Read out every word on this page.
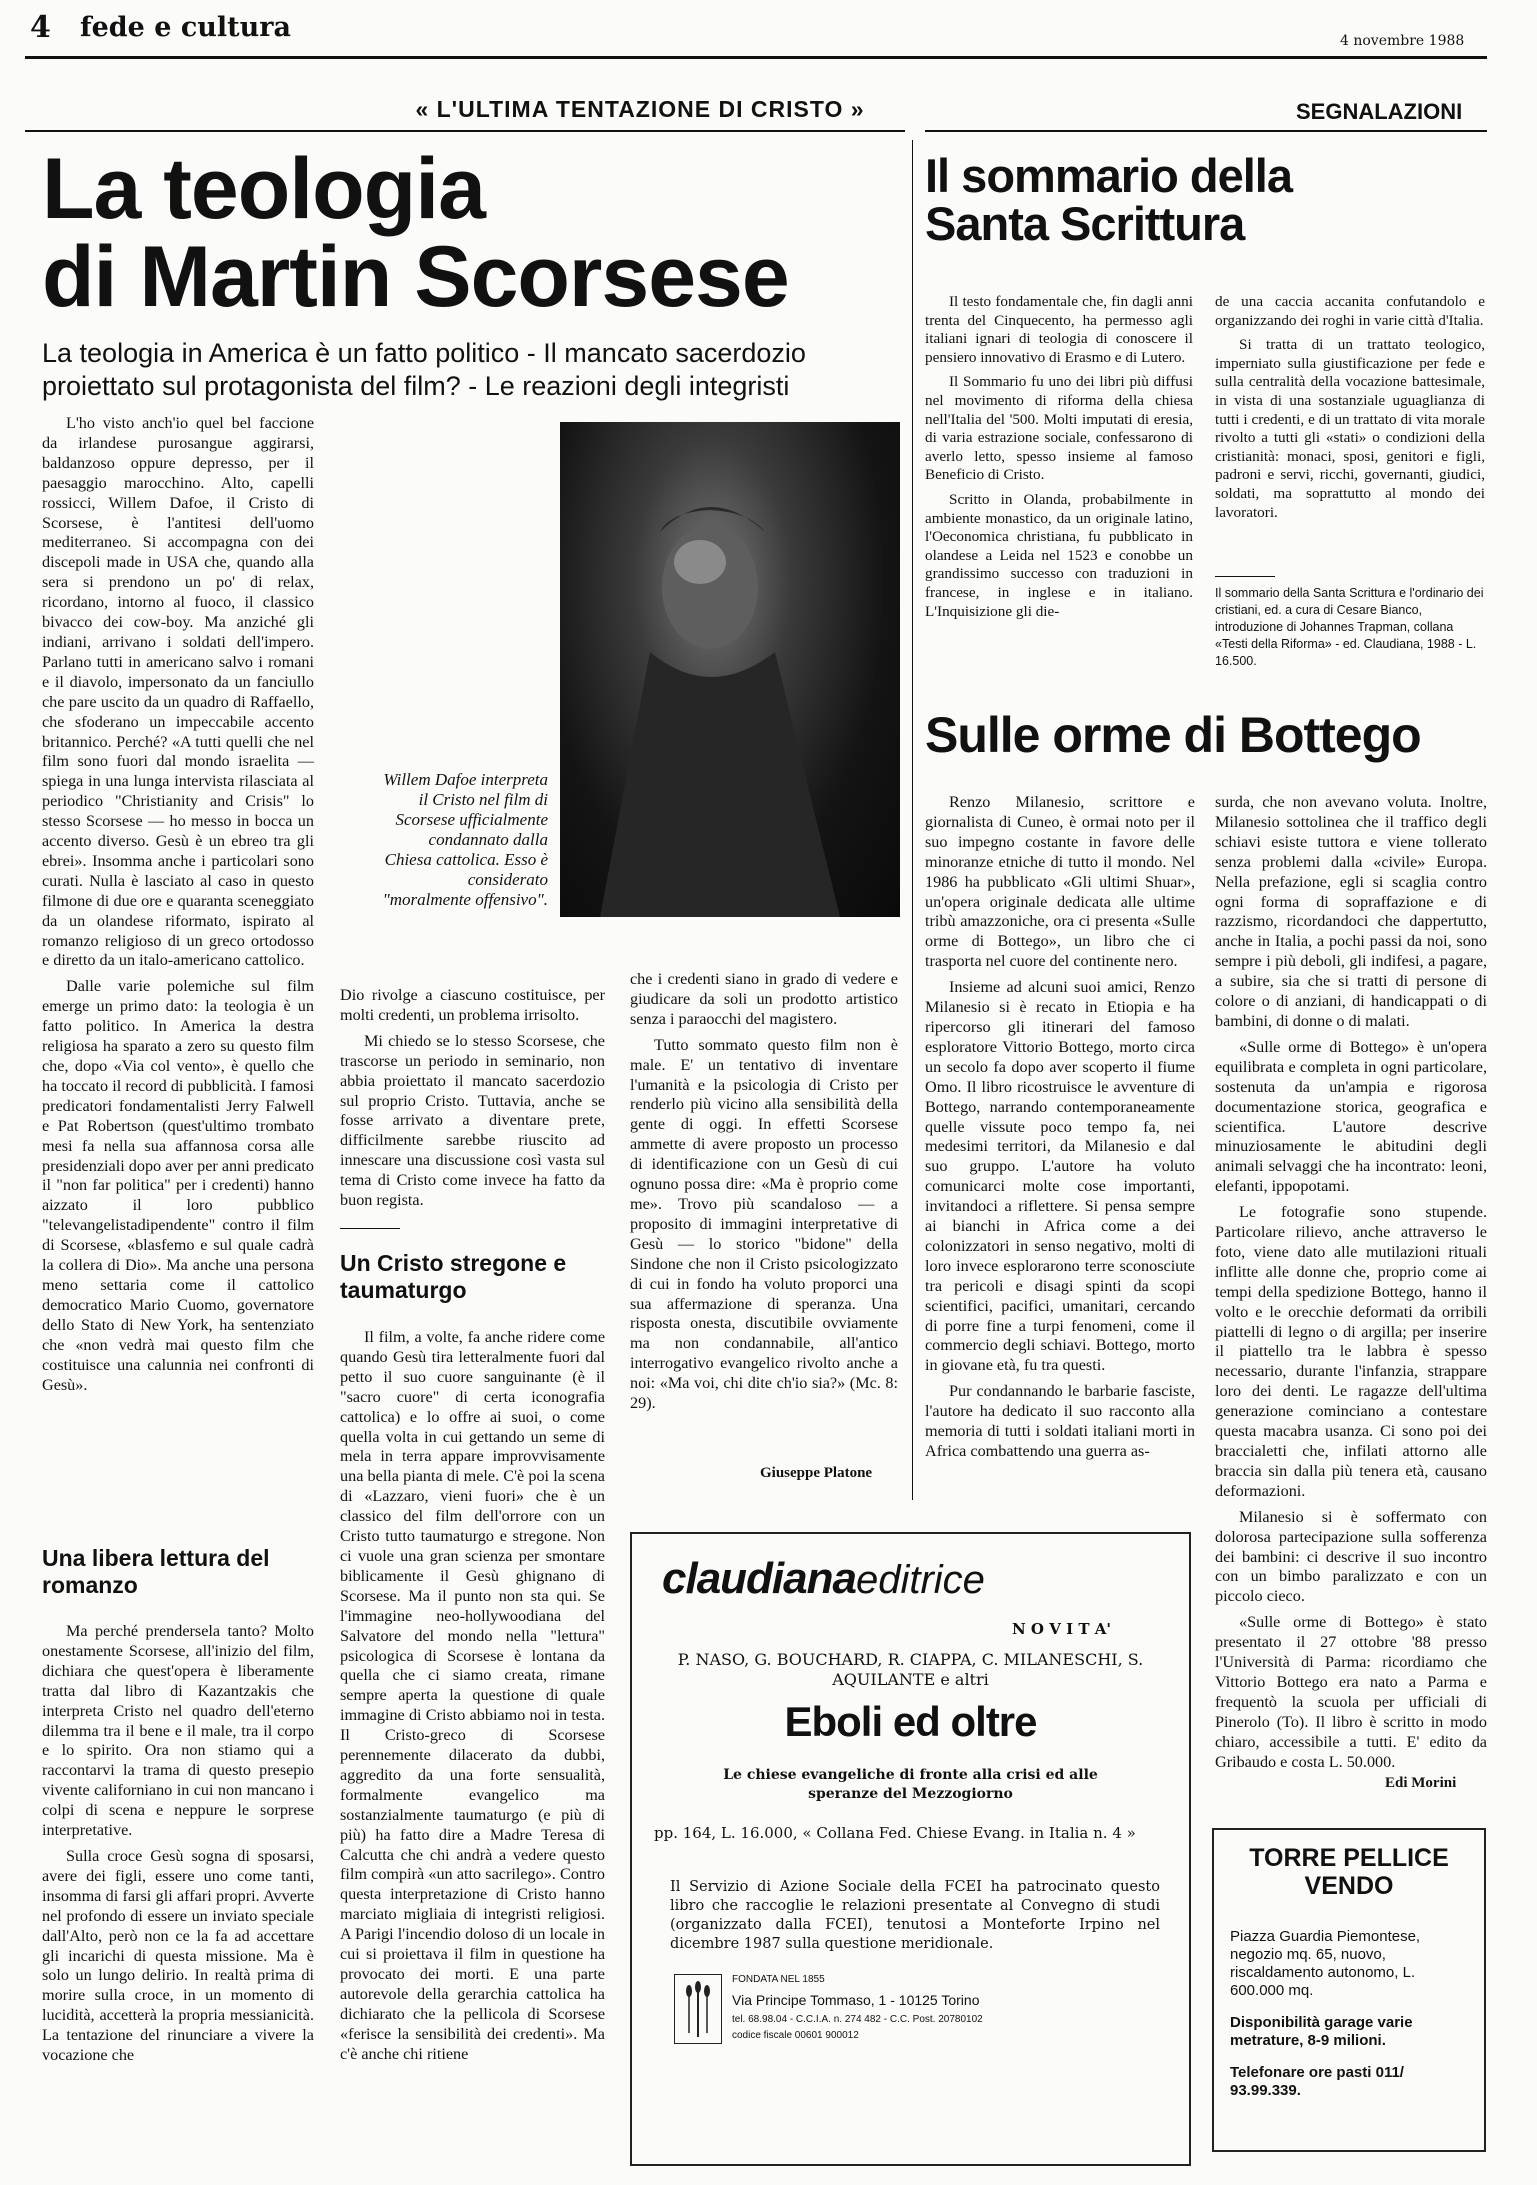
4 fede e cultura	4 novembre 1988
« L'ULTIMA TENTAZIONE DI CRISTO »	SEGNALAZIONI
La teologia
di Martin Scorsese
La teologia in America è un fatto politico - Il mancato sacerdozio proiettato sul protagonista del film? - Le reazioni degli integristi

L'ho visto anch'io quel bel faccione da irlandese purosangue aggirarsi, baldanzoso oppure depresso, per il paesaggio marocchino. Alto, capelli rossicci, Willem Dafoe, il Cristo di Scorsese, è l'antitesi dell'uomo mediterraneo. Si accompagna con dei discepoli made in USA che, quando alla sera si prendono un po' di relax, ricordano, intorno al fuoco, il classico bivacco dei cow-boy. Ma anziché gli indiani, arrivano i soldati dell'impero. Parlano tutti in americano salvo i romani e il diavolo, impersonato da un fanciullo che pare uscito da un quadro di Raffaello, che sfoderano un impeccabile accento britannico. Perché? «A tutti quelli che nel film sono fuori dal mondo israelita — spiega in una lunga intervista rilasciata al periodico "Christianity and Crisis" lo stesso Scorsese — ho messo in bocca un accento diverso. Gesù è un ebreo tra gli ebrei». Insomma anche i particolari sono curati. Nulla è lasciato al caso in questo filmone di due ore e quaranta sceneggiato da un olandese riformato, ispirato al romanzo religioso di un greco ortodosso e diretto da un italo-americano cattolico.

Dalle varie polemiche sul film emerge un primo dato: la teologia è un fatto politico. In America la destra religiosa ha sparato a zero su questo film che, dopo «Via col vento», è quello che ha toccato il record di pubblicità. I famosi predicatori fondamentalisti Jerry Falwell e Pat Robertson (quest'ultimo trombato mesi fa nella sua affannosa corsa alle presidenziali dopo aver per anni predicato il "non far politica" per i credenti) hanno aizzato il loro pubblico "televangelistadipendente" contro il film di Scorsese, «blasfemo e sul quale cadrà la collera di Dio». Ma anche una persona meno settaria come il cattolico democratico Mario Cuomo, governatore dello Stato di New York, ha sentenziato che «non vedrà mai questo film che costituisce una calunnia nei confronti di Gesù».

Una libera lettura del romanzo

Ma perché prendersela tanto? Molto onestamente Scorsese, all'inizio del film, dichiara che quest'opera è liberamente tratta dal libro di Kazantzakis che interpreta Cristo nel quadro dell'eterno dilemma tra il bene e il male, tra il corpo e lo spirito. Ora non stiamo qui a raccontarvi la trama di questo presepio vivente californiano in cui non mancano i colpi di scena e neppure le sorprese interpretative.

Sulla croce Gesù sogna di sposarsi, avere dei figli, essere uno come tanti, insomma di farsi gli affari propri. Avverte nel profondo di essere un inviato speciale dall'Alto, però non ce la fa ad accettare gli incarichi di questa missione. Ma è solo un lungo delirio. In realtà prima di morire sulla croce, in un momento di lucidità, accetterà la propria messianicità. La tentazione del rinunciare a vivere la vocazione che

Willem Dafoe interpreta il Cristo nel film di Scorsese ufficialmente condannato dalla Chiesa cattolica. Esso è considerato "moralmente offensivo".

Dio rivolge a ciascuno costituisce, per molti credenti, un problema irrisolto.

Mi chiedo se lo stesso Scorsese, che trascorse un periodo in seminario, non abbia proiettato il mancato sacerdozio sul proprio Cristo. Tuttavia, anche se fosse arrivato a diventare prete, difficilmente sarebbe riuscito ad innescare una discussione così vasta sul tema di Cristo come invece ha fatto da buon regista.

Un Cristo stregone e taumaturgo

Il film, a volte, fa anche ridere come quando Gesù tira letteralmente fuori dal petto il suo cuore sanguinante (è il "sacro cuore" di certa iconografia cattolica) e lo offre ai suoi, o come quella volta in cui gettando un seme di mela in terra appare improvvisamente una bella pianta di mele. C'è poi la scena di «Lazzaro, vieni fuori» che è un classico del film dell'orrore con un Cristo tutto taumaturgo e stregone. Non ci vuole una gran scienza per smontare biblicamente il Gesù ghignano di Scorsese. Ma il punto non sta qui. Se l'immagine neo-hollywoodiana del Salvatore del mondo nella "lettura" psicologica di Scorsese è lontana da quella che ci siamo creata, rimane sempre aperta la questione di quale immagine di Cristo abbiamo noi in testa. Il Cristo-greco di Scorsese perennemente dilacerato da dubbi, aggredito da una forte sensualità, formalmente evangelico ma sostanzialmente taumaturgo (e più di più) ha fatto dire a Madre Teresa di Calcutta che chi andrà a vedere questo film compirà «un atto sacrilego». Contro questa interpretazione di Cristo hanno marciato migliaia di integristi religiosi. A Parigi l'incendio doloso di un locale in cui si proiettava il film in questione ha provocato dei morti. E una parte autorevole della gerarchia cattolica ha dichiarato che la pellicola di Scorsese «ferisce la sensibilità dei credenti». Ma c'è anche chi ritiene

che i credenti siano in grado di vedere e giudicare da soli un prodotto artistico senza i paraocchi del magistero.

Tutto sommato questo film non è male. E' un tentativo di inventare l'umanità e la psicologia di Cristo per renderlo più vicino alla sensibilità della gente di oggi. In effetti Scorsese ammette di avere proposto un processo di identificazione con un Gesù di cui ognuno possa dire: «Ma è proprio come me». Trovo più scandaloso — a proposito di immagini interpretative di Gesù — lo storico "bidone" della Sindone che non il Cristo psicologizzato di cui in fondo ha voluto proporci una sua affermazione di speranza. Una risposta onesta, discutibile ovviamente ma non condannabile, all'antico interrogativo evangelico rivolto anche a noi: «Ma voi, chi dite ch'io sia?» (Mc. 8: 29).

Giuseppe Platone
Il sommario della
Santa Scrittura

Il testo fondamentale che, fin dagli anni trenta del Cinquecento, ha permesso agli italiani ignari di teologia di conoscere il pensiero innovativo di Erasmo e di Lutero.

Il Sommario fu uno dei libri più diffusi nel movimento di riforma della chiesa nell'Italia del '500. Molti imputati di eresia, di varia estrazione sociale, confessarono di averlo letto, spesso insieme al famoso Beneficio di Cristo.

Scritto in Olanda, probabilmente in ambiente monastico, da un originale latino, l'Oeconomica christiana, fu pubblicato in olandese a Leida nel 1523 e conobbe un grandissimo successo con traduzioni in francese, in inglese e in italiano. L'Inquisizione gli die-

de una caccia accanita confutandolo e organizzando dei roghi in varie città d'Italia.

Si tratta di un trattato teologico, imperniato sulla giustificazione per fede e sulla centralità della vocazione battesimale, in vista di una sostanziale uguaglianza di tutti i credenti, e di un trattato di vita morale rivolto a tutti gli «stati» o condizioni della cristianità: monaci, sposi, genitori e figli, padroni e servi, ricchi, governanti, giudici, soldati, ma soprattutto al mondo dei lavoratori.

Il sommario della Santa Scrittura e l'ordinario dei cristiani, ed. a cura di Cesare Bianco, introduzione di Johannes Trapman, collana «Testi della Riforma» - ed. Claudiana, 1988 - L. 16.500.
Sulle orme di Bottego

Renzo Milanesio, scrittore e giornalista di Cuneo, è ormai noto per il suo impegno costante in favore delle minoranze etniche di tutto il mondo. Nel 1986 ha pubblicato «Gli ultimi Shuar», un'opera originale dedicata alle ultime tribù amazzoniche, ora ci presenta «Sulle orme di Bottego», un libro che ci trasporta nel cuore del continente nero.

Insieme ad alcuni suoi amici, Renzo Milanesio si è recato in Etiopia e ha ripercorso gli itinerari del famoso esploratore Vittorio Bottego, morto circa un secolo fa dopo aver scoperto il fiume Omo. Il libro ricostruisce le avventure di Bottego, narrando contemporaneamente quelle vissute poco tempo fa, nei medesimi territori, da Milanesio e dal suo gruppo. L'autore ha voluto comunicarci molte cose importanti, invitandoci a riflettere. Si pensa sempre ai bianchi in Africa come a dei colonizzatori in senso negativo, molti di loro invece esplorarono terre sconosciute tra pericoli e disagi spinti da scopi scientifici, pacifici, umanitari, cercando di porre fine a turpi fenomeni, come il commercio degli schiavi. Bottego, morto in giovane età, fu tra questi.

Pur condannando le barbarie fasciste, l'autore ha dedicato il suo racconto alla memoria di tutti i soldati italiani morti in Africa combattendo una guerra as-

surda, che non avevano voluta. Inoltre, Milanesio sottolinea che il traffico degli schiavi esiste tuttora e viene tollerato senza problemi dalla «civile» Europa. Nella prefazione, egli si scaglia contro ogni forma di sopraffazione e di razzismo, ricordandoci che dappertutto, anche in Italia, a pochi passi da noi, sono sempre i più deboli, gli indifesi, a pagare, a subire, sia che si tratti di persone di colore o di anziani, di handicappati o di bambini, di donne o di malati.

«Sulle orme di Bottego» è un'opera equilibrata e completa in ogni particolare, sostenuta da un'ampia e rigorosa documentazione storica, geografica e scientifica. L'autore descrive minuziosamente le abitudini degli animali selvaggi che ha incontrato: leoni, elefanti, ippopotami.

Le fotografie sono stupende. Particolare rilievo, anche attraverso le foto, viene dato alle mutilazioni rituali inflitte alle donne che, proprio come ai tempi della spedizione Bottego, hanno il volto e le orecchie deformati da orribili piattelli di legno o di argilla; per inserire il piattello tra le labbra è spesso necessario, durante l'infanzia, strappare loro dei denti. Le ragazze dell'ultima generazione cominciano a contestare questa macabra usanza. Ci sono poi dei braccialetti che, infilati attorno alle braccia sin dalla più tenera età, causano deformazioni.

Milanesio si è soffermato con dolorosa partecipazione sulla sofferenza dei bambini: ci descrive il suo incontro con un bimbo paralizzato e con un piccolo cieco.

«Sulle orme di Bottego» è stato presentato il 27 ottobre '88 presso l'Università di Parma: ricordiamo che Vittorio Bottego era nato a Parma e frequentò la scuola per ufficiali di Pinerolo (To). Il libro è scritto in modo chiaro, accessibile a tutti. E' edito da Gribaudo e costa L. 50.000.

Edi Morini
claudianaeditrice
N O V I T A'
P. NASO, G. BOUCHARD, R. CIAPPA, C. MILANESCHI, S. AQUILANTE e altri
Eboli ed oltre
Le chiese evangeliche di fronte alla crisi ed alle speranze del Mezzogiorno
pp. 164, L. 16.000, « Collana Fed. Chiese Evang. in Italia n. 4 »
Il Servizio di Azione Sociale della FCEI ha patrocinato questo libro che raccoglie le relazioni presentate al Convegno di studi (organizzato dalla FCEI), tenutosi a Monteforte Irpino nel dicembre 1987 sulla questione meridionale.
FONDATA NEL 1855
Via Principe Tommaso, 1 - 10125 Torino
tel. 68.98.04 - C.C.I.A. n. 274 482 - C.C. Post. 20780102
codice fiscale 00601 900012
TORRE PELLICE
VENDO
Piazza Guardia Piemontese, negozio mq. 65, nuovo, riscaldamento autonomo, L. 600.000 mq.
Disponibilità garage varie metrature, 8-9 milioni.
Telefonare ore pasti 011/ 93.99.339.
